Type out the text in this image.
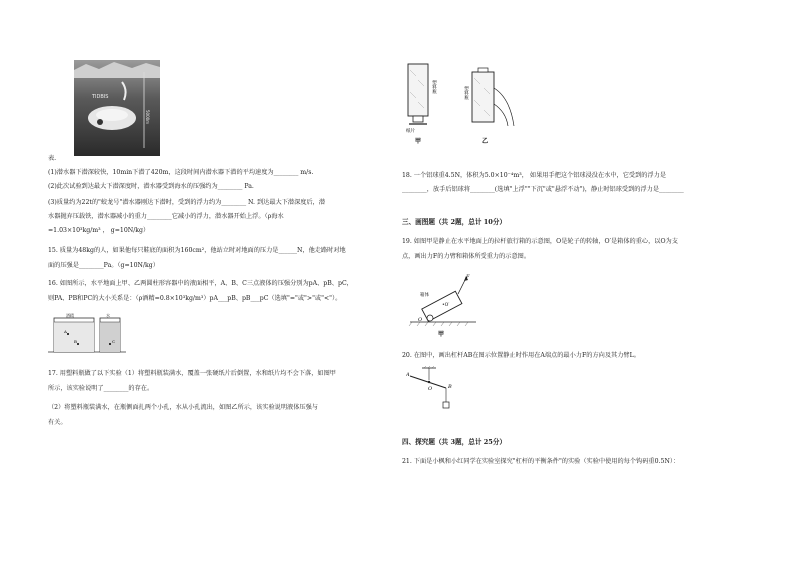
TIDBIS
5000m
表.
(1)潜水器下潜深较快，10min下潜了420m，这段时间内潜水器下潜的平均速度为________ m/s.
(2)此次试验到达最大下潜深度时，潜水器受到海水的压强约为________ Pa.
(3)质量约为22t的"蛟龙号"潜水器刚达下潜时，受到的浮力约为________ N. 到达最大下潜深度后，潜
水器抛弃压载铁，潜水器减小的重力________它减小的浮力，潜水器开始上浮。（ρ海水
=1.03×10³kg/m³ ， g=10N/kg）
15. 质量为48kg的人，如果他每只鞋底的面积为160cm²，他站立时对地面的压力是______N，他走路时对地
面的压强是________Pa。（g=10N/kg）
16. 如图所示，水平地面上甲、乙两圆柱形容器中的液面相平，A、B、C三点液体的压强分别为pA、pB、pC，
则PA、PB和PC的大小关系是：（ρ酒精=0.8×10³kg/m³）pA___pB、pB___pC（选填"="或">"或"<"）。
A
B	C
酒精	水
17. 用塑料瓶做了以下实验（1）将塑料瓶装满水，覆盖一张硬纸片后倒置，水和纸片均不会下落，如图甲
所示，该实验说明了________的存在。
（2）将塑料瓶装满水，在瓶侧面扎两个小孔，水从小孔流出，如图乙所示，该实验说明液体压强与
有关。
塑料瓶
纸片
甲
塑料瓶
乙
18. 一个铝球重4.5N，体积为5.0×10⁻⁴m³， 如果用手把这个铝球浸没在水中，它受到的浮力是
________，放手后铝球将________(选填"上浮""下沉"或"悬浮不动")，静止时铝球受到的浮力是________
三、画图题（共 2题，总计 10分）
19. 如图甲是静止在水平地面上的拉杆旅行箱的示意图，O是轮子的转轴，O′是箱体的重心，以O为支
点，画出力F的力臂和箱体所受重力的示意图。
F
箱体
•O′
O
甲
20. 在图中，画出杠杆AB在图示位置静止时作用在A端点的最小力F的方向及其力臂L。
A
O	B
四、探究题（共 3题，总计 25分）
21. 下面是小枫和小红同学在实验室探究"杠杆的平衡条件"的实验（实验中使用的每个钩码重0.5N）：
